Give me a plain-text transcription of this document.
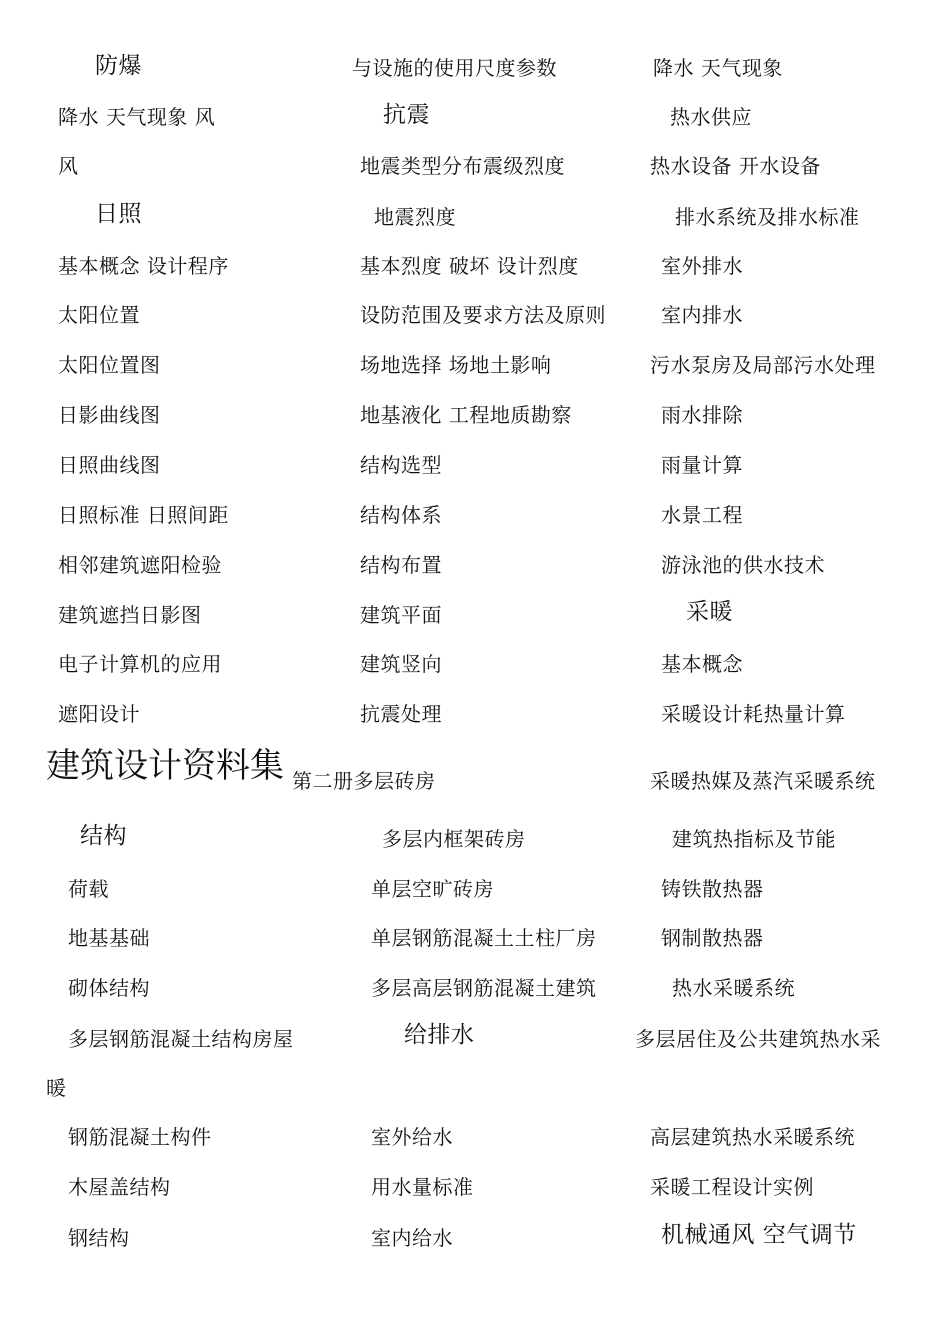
防爆
降水 天气现象 风
风
日照
基本概念 设计程序
太阳位置
太阳位置图
日影曲线图
日照曲线图
日照标准 日照间距
相邻建筑遮阳检验
建筑遮挡日影图
电子计算机的应用
遮阳设计
建筑设计资料集
结构
荷载
地基基础
砌体结构
多层钢筋混凝土结构房屋
暖
钢筋混凝土构件
木屋盖结构
钢结构
与设施的使用尺度参数
抗震
地震类型分布震级烈度
地震烈度
基本烈度 破坏 设计烈度
设防范围及要求方法及原则
场地选择 场地土影响
地基液化 工程地质勘察
结构选型
结构体系
结构布置
建筑平面
建筑竖向
抗震处理
第二册多层砖房
多层内框架砖房
单层空旷砖房
单层钢筋混凝土土柱厂房
多层高层钢筋混凝土建筑
给排水
室外给水
用水量标准
室内给水
降水 天气现象
热水供应
热水设备 开水设备
排水系统及排水标准
室外排水
室内排水
污水泵房及局部污水处理
雨水排除
雨量计算
水景工程
游泳池的供水技术
采暖
基本概念
采暖设计耗热量计算
采暖热媒及蒸汽采暖系统
建筑热指标及节能
铸铁散热器
钢制散热器
热水采暖系统
多层居住及公共建筑热水采
高层建筑热水采暖系统
采暖工程设计实例
机械通风 空气调节
